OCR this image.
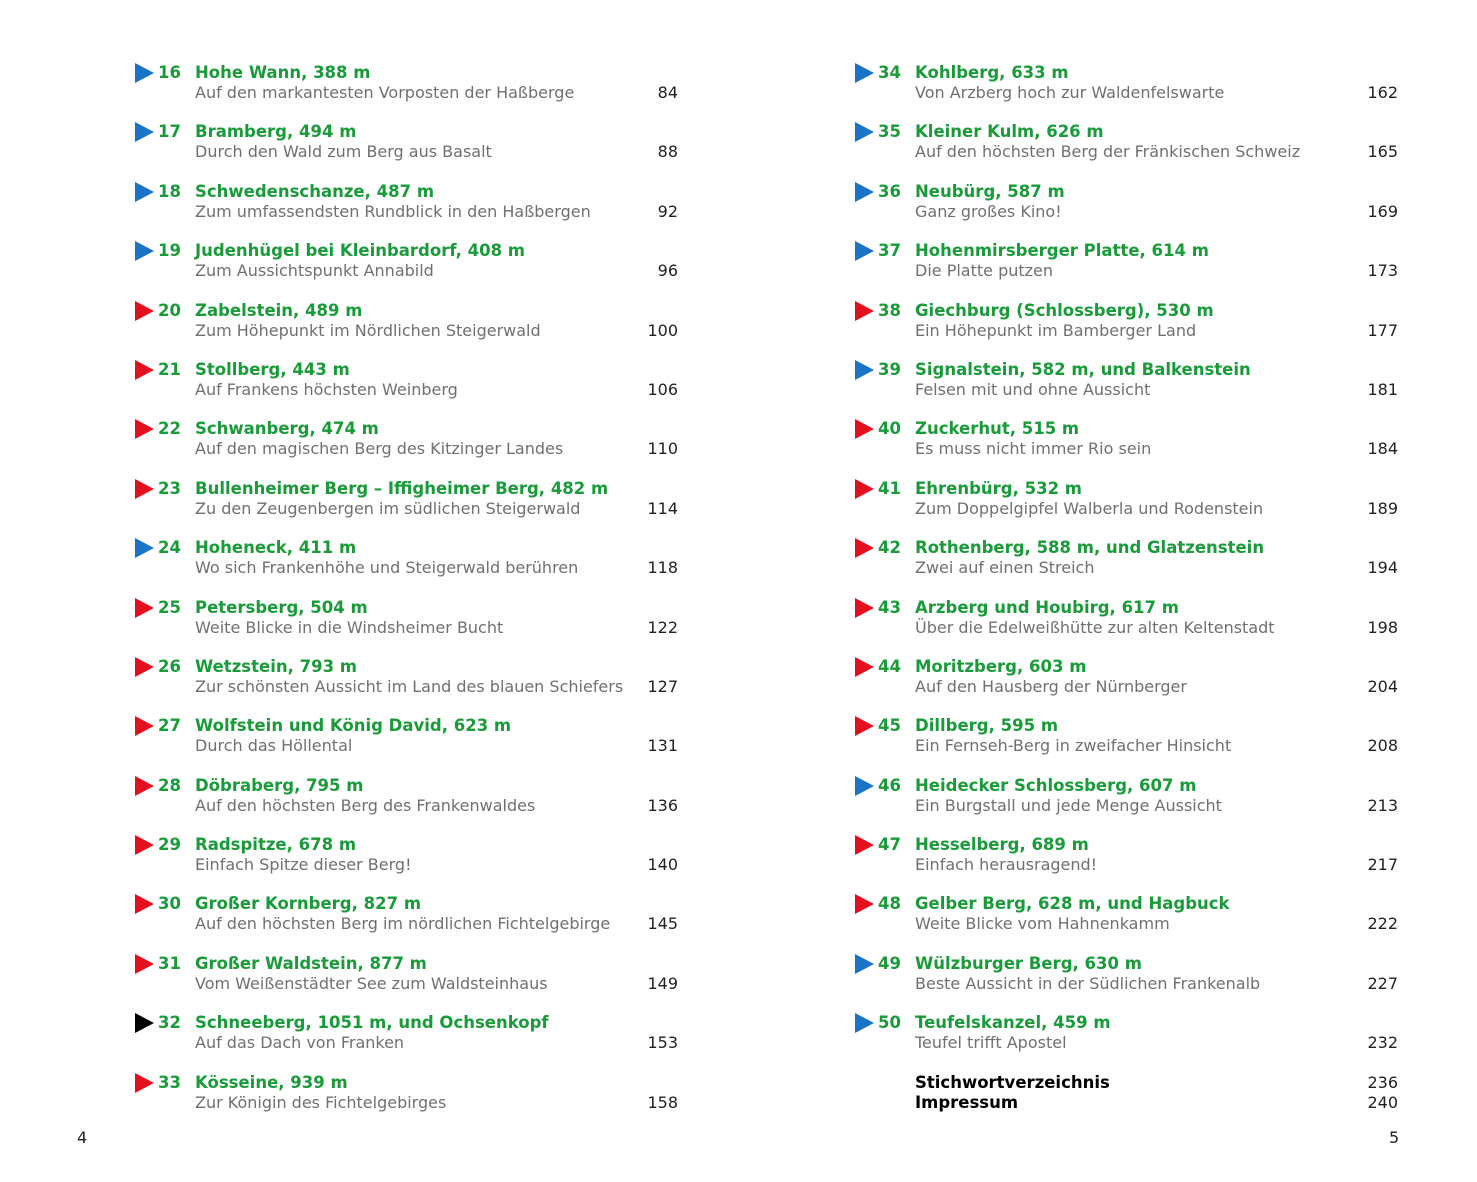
16 Hohe Wann, 388 m
Auf den markantesten Vorposten der Haßberge	84
17 Bramberg, 494 m
Durch den Wald zum Berg aus Basalt	88
18 Schwedenschanze, 487 m
Zum umfassendsten Rundblick in den Haßbergen	92
19 Judenhügel bei Kleinbardorf, 408 m
Zum Aussichtspunkt Annabild	96
20 Zabelstein, 489 m
Zum Höhepunkt im Nördlichen Steigerwald	100
21 Stollberg, 443 m
Auf Frankens höchsten Weinberg	106
22 Schwanberg, 474 m
Auf den magischen Berg des Kitzinger Landes	110
23 Bullenheimer Berg – Iffigheimer Berg, 482 m
Zu den Zeugenbergen im südlichen Steigerwald	114
24 Hoheneck, 411 m
Wo sich Frankenhöhe und Steigerwald berühren	118
25 Petersberg, 504 m
Weite Blicke in die Windsheimer Bucht	122
26 Wetzstein, 793 m
Zur schönsten Aussicht im Land des blauen Schiefers 127
27 Wolfstein und König David, 623 m
Durch das Höllental	131
28 Döbraberg, 795 m
Auf den höchsten Berg des Frankenwaldes	136
29 Radspitze, 678 m
Einfach Spitze dieser Berg!	140
30 Großer Kornberg, 827 m
Auf den höchsten Berg im nördlichen Fichtelgebirge 145
31 Großer Waldstein, 877 m
Vom Weißenstädter See zum Waldsteinhaus	149
32 Schneeberg, 1051 m, und Ochsenkopf
Auf das Dach von Franken	153
33 Kösseine, 939 m
Zur Königin des Fichtelgebirges	158
34 Kohlberg, 633 m
Von Arzberg hoch zur Waldenfelswarte	162
35 Kleiner Kulm, 626 m
Auf den höchsten Berg der Fränkischen Schweiz	165
36 Neubürg, 587 m
Ganz großes Kino!	169
37 Hohenmirsberger Platte, 614 m
Die Platte putzen	173
38 Giechburg (Schlossberg), 530 m
Ein Höhepunkt im Bamberger Land	177
39 Signalstein, 582 m, und Balkenstein
Felsen mit und ohne Aussicht	181
40 Zuckerhut, 515 m
Es muss nicht immer Rio sein	184
41 Ehrenbürg, 532 m
Zum Doppelgipfel Walberla und Rodenstein	189
42 Rothenberg, 588 m, und Glatzenstein
Zwei auf einen Streich	194
43 Arzberg und Houbirg, 617 m
Über die Edelweißhütte zur alten Keltenstadt	198
44 Moritzberg, 603 m
Auf den Hausberg der Nürnberger	204
45 Dillberg, 595 m
Ein Fernseh-Berg in zweifacher Hinsicht	208
46 Heidecker Schlossberg, 607 m
Ein Burgstall und jede Menge Aussicht	213
47 Hesselberg, 689 m
Einfach herausragend!	217
48 Gelber Berg, 628 m, und Hagbuck
Weite Blicke vom Hahnenkamm	222
49 Wülzburger Berg, 630 m
Beste Aussicht in der Südlichen Frankenalb	227
50 Teufelskanzel, 459 m
Teufel trifft Apostel	232
Stichwortverzeichnis	236
Impressum	240
4	5
